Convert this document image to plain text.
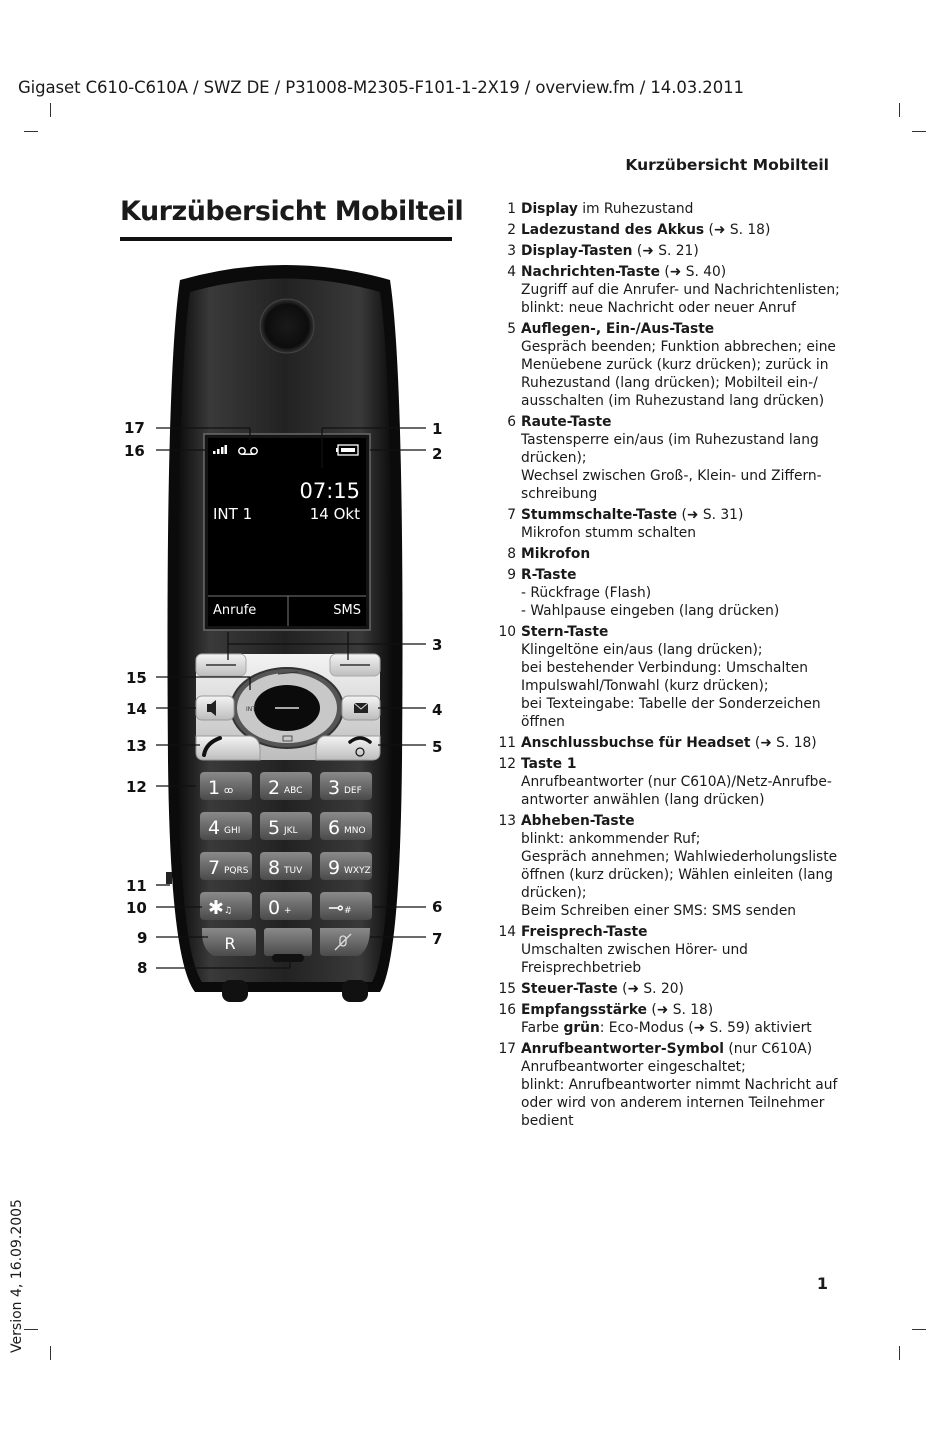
Gigaset C610-C610A / SWZ DE / P31008-M2305-F101-1-2X19 / overview.fm / 14.03.2011
Kurzübersicht Mobilteil
Kurzübersicht Mobilteil
07:15
INT 1	14 Okt
Anrufe	SMS
INT
1 ꝏ 2 ABC 3 DEF
4 GHI 5 JKL 6 MNO
7 PQRS 8 TUV 9 WXYZ
✱ ♫ 0 + ⊸ #
R
17
16
15
14
13
12
11
10
9
8
1
2
3
4
5
6
7
1 Display im Ruhezustand
2 Ladezustand des Akkus (➜ S. 18)
3 Display-Tasten (➜ S. 21)
4 Nachrichten-Taste (➜ S. 40)
Zugriff auf die Anrufer- und Nachrichtenlisten;
blinkt: neue Nachricht oder neuer Anruf
5 Auflegen-, Ein-/Aus-Taste
Gespräch beenden; Funktion abbrechen; eine
Menüebene zurück (kurz drücken); zurück in
Ruhezustand (lang drücken); Mobilteil ein-/
ausschalten (im Ruhezustand lang drücken)
6 Raute-Taste
Tastensperre ein/aus (im Ruhezustand lang
drücken);
Wechsel zwischen Groß-, Klein- und Ziffern-
schreibung
7 Stummschalte-Taste (➜ S. 31)
Mikrofon stumm schalten
8 Mikrofon
9 R-Taste
- Rückfrage (Flash)
- Wahlpause eingeben (lang drücken)
10 Stern-Taste
Klingeltöne ein/aus (lang drücken);
bei bestehender Verbindung: Umschalten
Impulswahl/Tonwahl (kurz drücken);
bei Texteingabe: Tabelle der Sonderzeichen
öffnen
11 Anschlussbuchse für Headset (➜ S. 18)
12 Taste 1
Anrufbeantworter (nur C610A)/Netz-Anrufbe-
antworter anwählen (lang drücken)
13 Abheben-Taste
blinkt: ankommender Ruf;
Gespräch annehmen; Wahlwiederholungsliste
öffnen (kurz drücken); Wählen einleiten (lang
drücken);
Beim Schreiben einer SMS: SMS senden
14 Freisprech-Taste
Umschalten zwischen Hörer- und
Freisprechbetrieb
15 Steuer-Taste (➜ S. 20)
16 Empfangsstärke (➜ S. 18)
Farbe grün: Eco-Modus (➜ S. 59) aktiviert
17 Anrufbeantworter-Symbol (nur C610A)
Anrufbeantworter eingeschaltet;
blinkt: Anrufbeantworter nimmt Nachricht auf
oder wird von anderem internen Teilnehmer
bedient
1
Version 4, 16.09.2005
